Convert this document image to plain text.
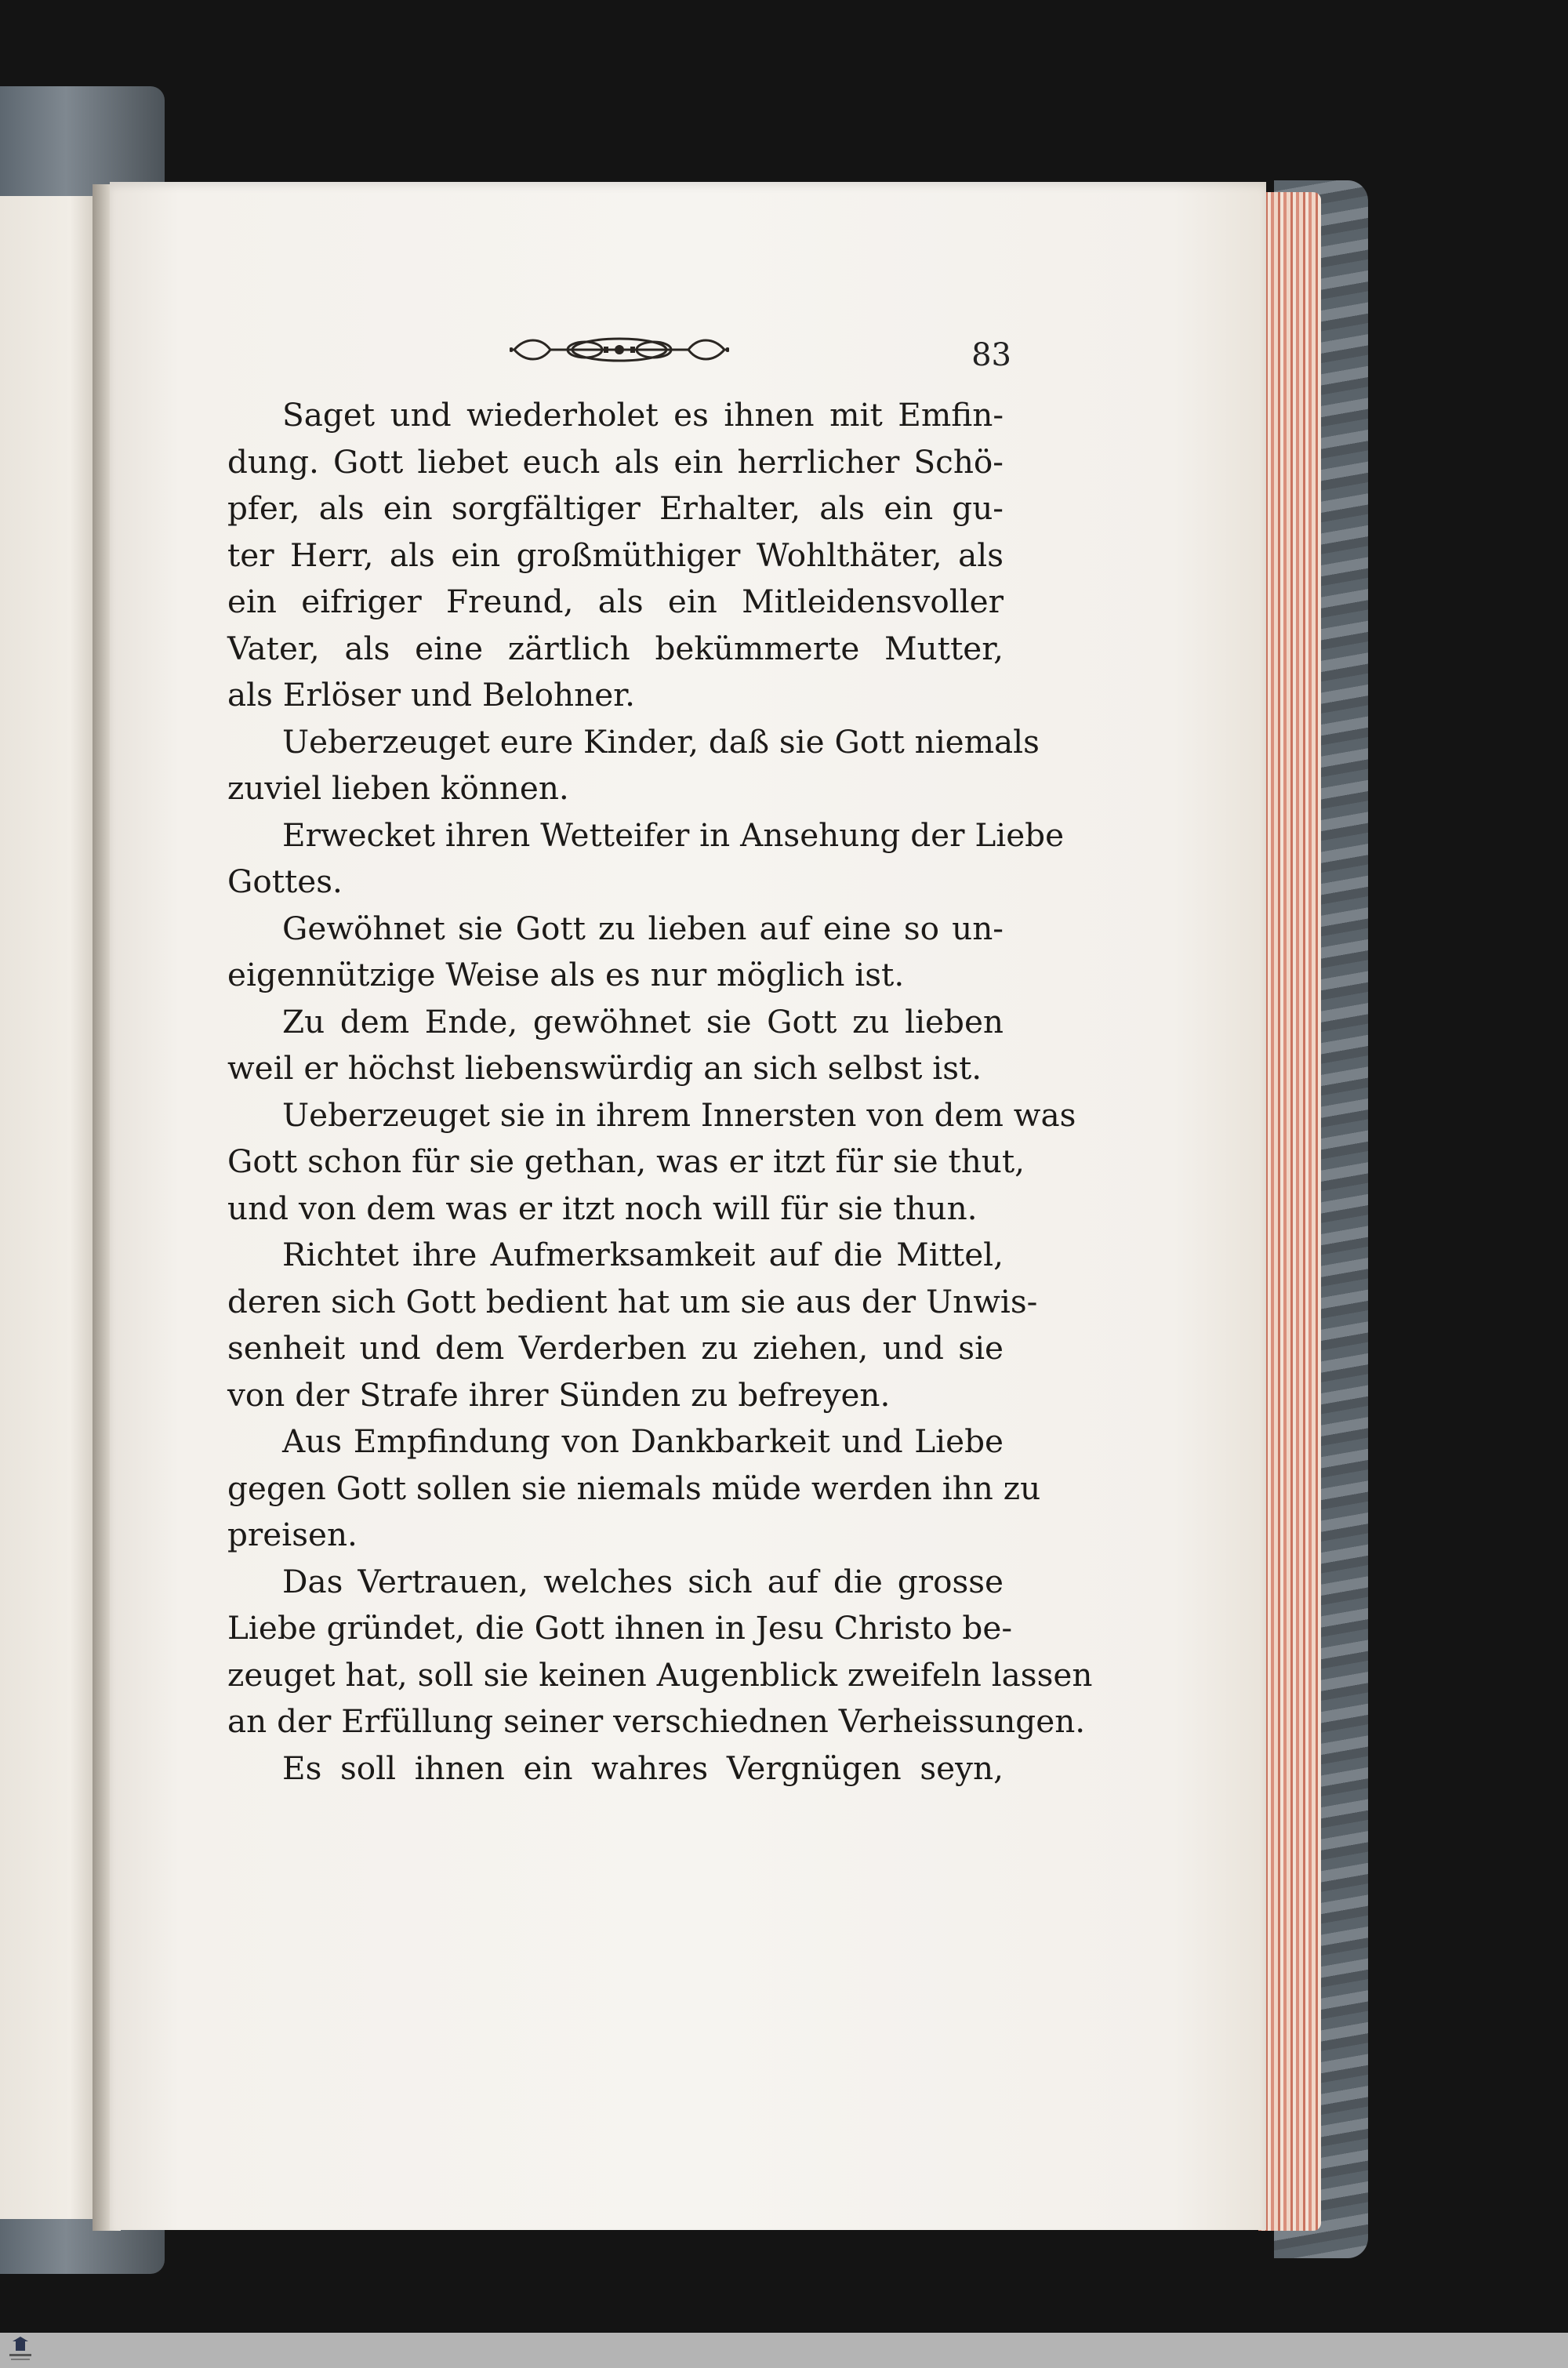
83
Saget und wiederholet es ihnen mit Emfin-
dung. Gott liebet euch als ein herrlicher Schö-
pfer, als ein sorgfältiger Erhalter, als ein gu-
ter Herr, als ein großmüthiger Wohlthäter, als
ein eifriger Freund, als ein Mitleidensvoller
Vater, als eine zärtlich bekümmerte Mutter,
als Erlöser und Belohner.
Ueberzeuget eure Kinder, daß sie Gott niemals
zuviel lieben können.
Erwecket ihren Wetteifer in Ansehung der Liebe
Gottes.
Gewöhnet sie Gott zu lieben auf eine so un-
eigennützige Weise als es nur möglich ist.
Zu dem Ende, gewöhnet sie Gott zu lieben
weil er höchst liebenswürdig an sich selbst ist.
Ueberzeuget sie in ihrem Innersten von dem was
Gott schon für sie gethan, was er itzt für sie thut,
und von dem was er itzt noch will für sie thun.
Richtet ihre Aufmerksamkeit auf die Mittel,
deren sich Gott bedient hat um sie aus der Unwis-
senheit und dem Verderben zu ziehen, und sie
von der Strafe ihrer Sünden zu befreyen.
Aus Empfindung von Dankbarkeit und Liebe
gegen Gott sollen sie niemals müde werden ihn zu
preisen.
Das Vertrauen, welches sich auf die grosse
Liebe gründet, die Gott ihnen in Jesu Christo be-
zeuget hat, soll sie keinen Augenblick zweifeln lassen
an der Erfüllung seiner verschiednen Verheissungen.
Es soll ihnen ein wahres Vergnügen seyn,
